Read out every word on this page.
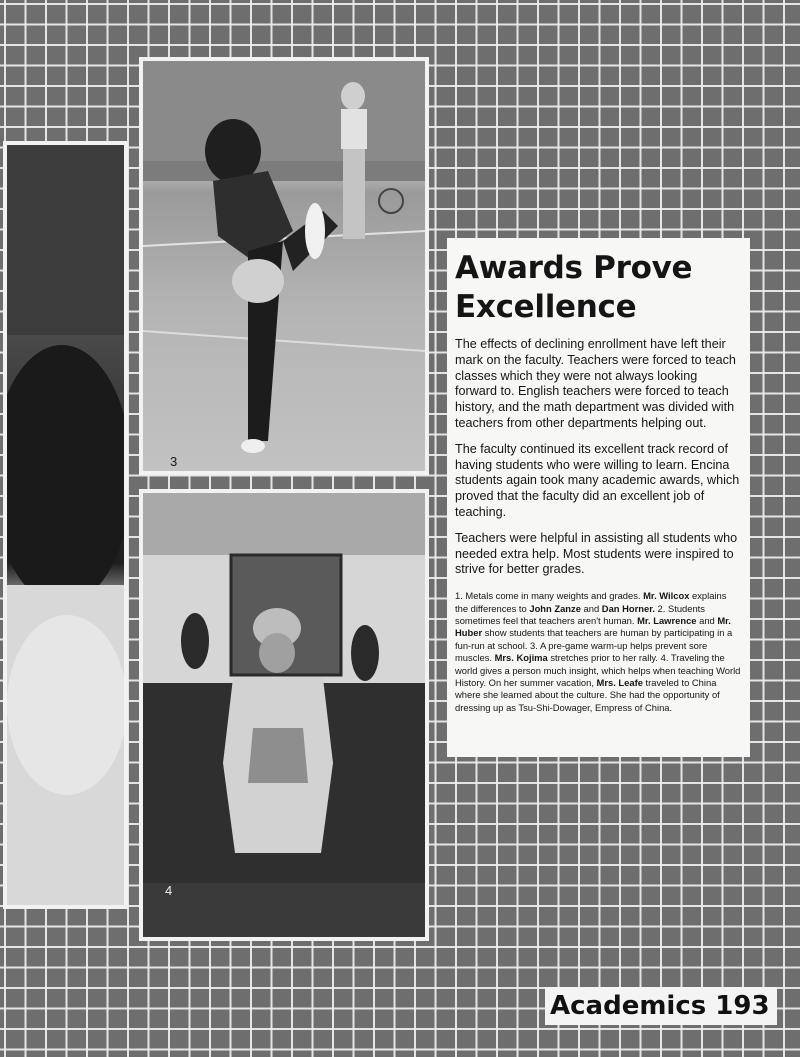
3
4
Awards Prove Excellence

The effects of declining enrollment have left their mark on the faculty. Teachers were forced to teach classes which they were not always looking forward to. English teachers were forced to teach history, and the math department was divided with teachers from other departments helping out.

The faculty continued its excellent track record of having students who were willing to learn. Encina students again took many academic awards, which proved that the faculty did an excellent job of teaching.

Teachers were helpful in assisting all students who needed extra help. Most students were inspired to strive for better grades.

1. Metals come in many weights and grades. Mr. Wilcox explains the differences to John Zanze and Dan Horner. 2. Students sometimes feel that teachers aren't human. Mr. Lawrence and Mr. Huber show students that teachers are human by participating in a fun-run at school. 3. A pre-game warm-up helps prevent sore muscles. Mrs. Kojima stretches prior to her rally. 4. Traveling the world gives a person much insight, which helps when teaching World History. On her summer vacation, Mrs. Leafe traveled to China where she learned about the culture. She had the opportunity of dressing up as Tsu-Shi-Dowager, Empress of China.

Academics 193
